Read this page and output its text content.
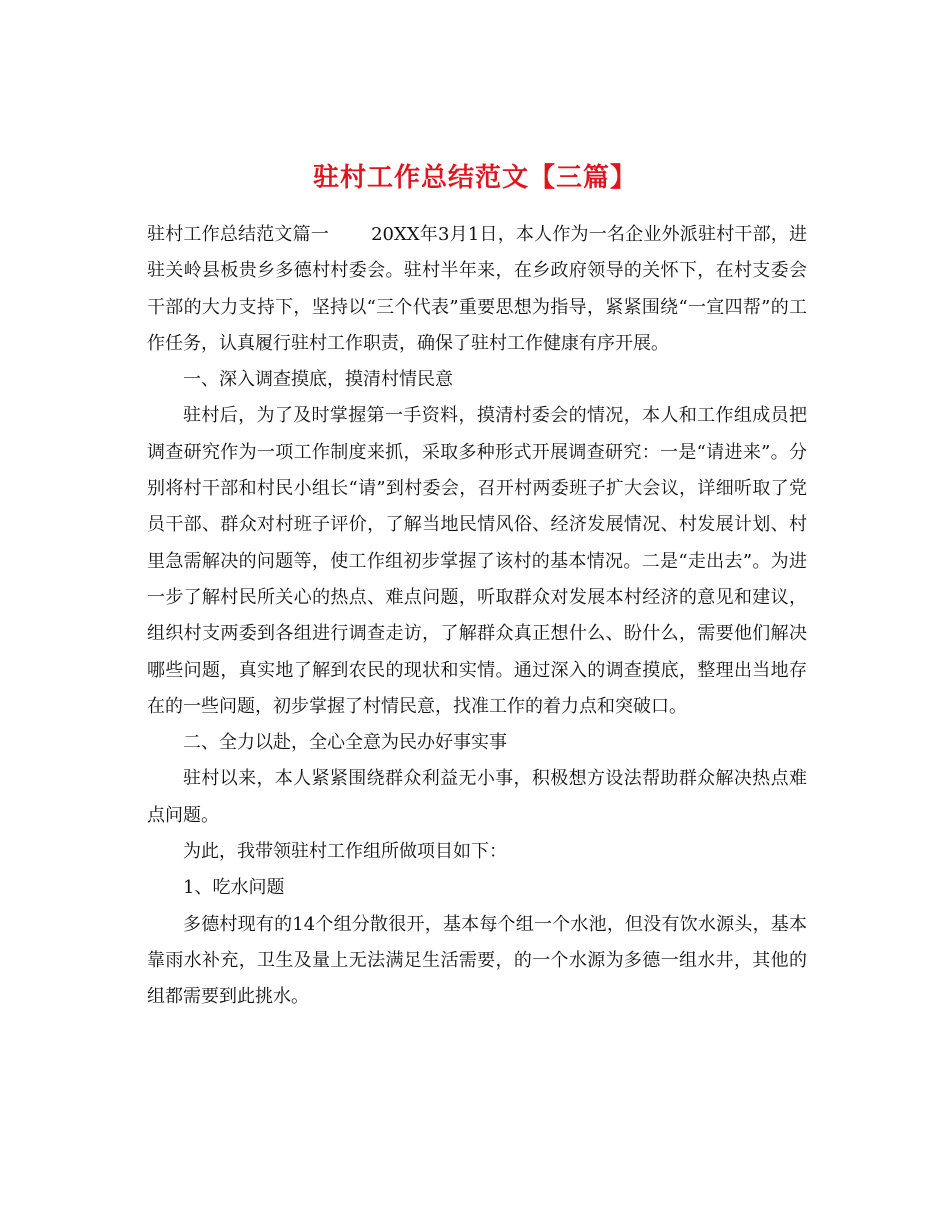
驻村工作总结范文【三篇】

驻村工作总结范文篇一 20XX年3月1日，本人作为一名企业外派驻村干部，进驻关岭县板贵乡多德村村委会。驻村半年来，在乡政府领导的关怀下，在村支委会干部的大力支持下，坚持以“三个代表”重要思想为指导，紧紧围绕“一宣四帮”的工作任务，认真履行驻村工作职责，确保了驻村工作健康有序开展。

一、深入调查摸底，摸清村情民意

驻村后，为了及时掌握第一手资料，摸清村委会的情况，本人和工作组成员把调查研究作为一项工作制度来抓，采取多种形式开展调查研究：一是“请进来”。分别将村干部和村民小组长“请”到村委会，召开村两委班子扩大会议，详细听取了党员干部、群众对村班子评价，了解当地民情风俗、经济发展情况、村发展计划、村里急需解决的问题等，使工作组初步掌握了该村的基本情况。二是“走出去”。为进一步了解村民所关心的热点、难点问题，听取群众对发展本村经济的意见和建议，组织村支两委到各组进行调查走访，了解群众真正想什么、盼什么，需要他们解决哪些问题，真实地了解到农民的现状和实情。通过深入的调查摸底，整理出当地存在的一些问题，初步掌握了村情民意，找准工作的着力点和突破口。

二、全力以赴，全心全意为民办好事实事

驻村以来，本人紧紧围绕群众利益无小事，积极想方设法帮助群众解决热点难点问题。

为此，我带领驻村工作组所做项目如下：

1、吃水问题

多德村现有的14个组分散很开，基本每个组一个水池，但没有饮水源头，基本靠雨水补充，卫生及量上无法满足生活需要，的一个水源为多德一组水井，其他的组都需要到此挑水。
